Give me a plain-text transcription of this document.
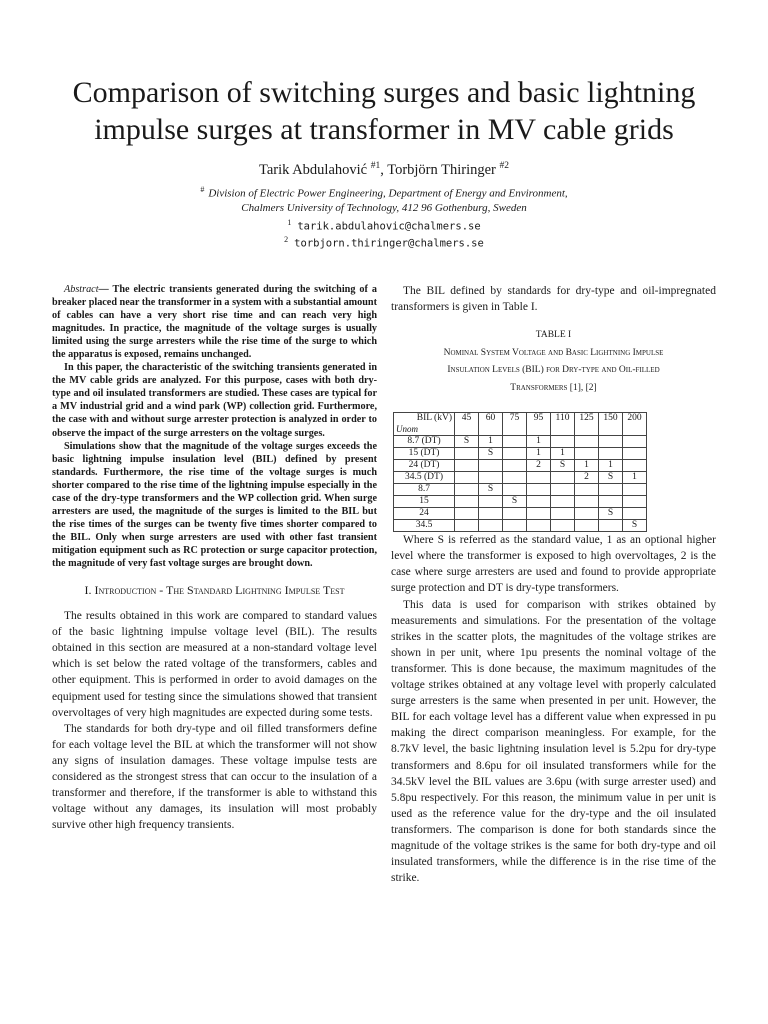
Comparison of switching surges and basic lightning impulse surges at transformer in MV cable grids
Tarik Abdulahović $^{\#1}$, Torbjörn Thiringer $^{\#2}$
# Division of Electric Power Engineering, Department of Energy and Environment,
Chalmers University of Technology, 412 96 Gothenburg, Sweden
$^1$ tarik.abdulahovic@chalmers.se
$^2$ torbjorn.thiringer@chalmers.se

Abstract— The electric transients generated during the switching of a breaker placed near the transformer in a system with a substantial amount of cables can have a very short rise time and can reach very high magnitudes. In practice, the magnitude of the voltage surges is usually limited using the surge arresters while the rise time of the surge to which the apparatus is exposed, remains unchanged.

In this paper, the characteristic of the switching transients generated in the MV cable grids are analyzed. For this purpose, cases with both dry-type and oil insulated transformers are studied. These cases are typical for a MV industrial grid and a wind park (WP) collection grid. Furthermore, the case with and without surge arrester protection is analyzed in order to observe the impact of the surge arresters on the voltage surges.

Simulations show that the magnitude of the voltage surges exceeds the basic lightning impulse insulation level (BIL) defined by present standards. Furthermore, the rise time of the voltage surges is much shorter compared to the rise time of the lightning impulse especially in the case of the dry-type transformers and the WP collection grid. When surge arresters are used, the magnitude of the surges is limited to the BIL but the rise times of the surges can be twenty five times shorter compared to the BIL. Only when surge arresters are used with other fast transient mitigation equipment such as RC protection or surge capacitor protection, the magnitude of very fast voltage surges are brought down.

I. Introduction - The Standard Lightning Impulse Test

The results obtained in this work are compared to standard values of the basic lightning impulse voltage level (BIL). The results obtained in this section are measured at a non-standard voltage level which is set below the rated voltage of the transformers, cables and other equipment. This is performed in order to avoid damages on the equipment used for testing since the simulations showed that transient overvoltages of very high magnitudes are expected during some tests.

The standards for both dry-type and oil filled transformers define for each voltage level the BIL at which the transformer will not show any signs of insulation damages. These voltage impulse tests are considered as the strongest stress that can occur to the insulation of a transformer and therefore, if the transformer is able to withstand this voltage without any damages, its insulation will most probably survive other high frequency transients.

The BIL defined by standards for dry-type and oil-impregnated transformers is given in Table I.

TABLE I
Nominal System Voltage and Basic Lightning Impulse
Insulation Levels (BIL) for Dry-type and Oil-filled
Transformers [1], [2]
BIL (kV)	45	60	75	95	110	125	150	200
Unom								
8.7 (DT)	S	1		1				
15 (DT)		S		1	1			
24 (DT)				2	S	1	1	
34.5 (DT)						2	S	1
8.7		S						
15			S					
24							S	
34.5								S

Where S is referred as the standard value, 1 as an optional higher level where the transformer is exposed to high overvoltages, 2 is the case where surge arresters are used and found to provide appropriate surge protection and DT is dry-type transformers.

This data is used for comparison with strikes obtained by measurements and simulations. For the presentation of the voltage strikes in the scatter plots, the magnitudes of the voltage strikes are shown in per unit, where 1pu presents the nominal voltage of the transformer. This is done because, the maximum magnitudes of the voltage strikes obtained at any voltage level with properly calculated surge arresters is the same when presented in per unit. However, the BIL for each voltage level has a different value when expressed in pu making the direct comparison meaningless. For example, for the 8.7kV level, the basic lightning insulation level is 5.2pu for dry-type transformers and 8.6pu for oil insulated transformers while for the 34.5kV level the BIL values are 3.6pu (with surge arrester used) and 5.8pu respectively. For this reason, the minimum value in per unit is used as the reference value for the dry-type and the oil insulated transformers. The comparison is done for both standards since the magnitude of the voltage strikes is the same for both dry-type and oil insulated transformers, while the difference is in the rise time of the strike.
